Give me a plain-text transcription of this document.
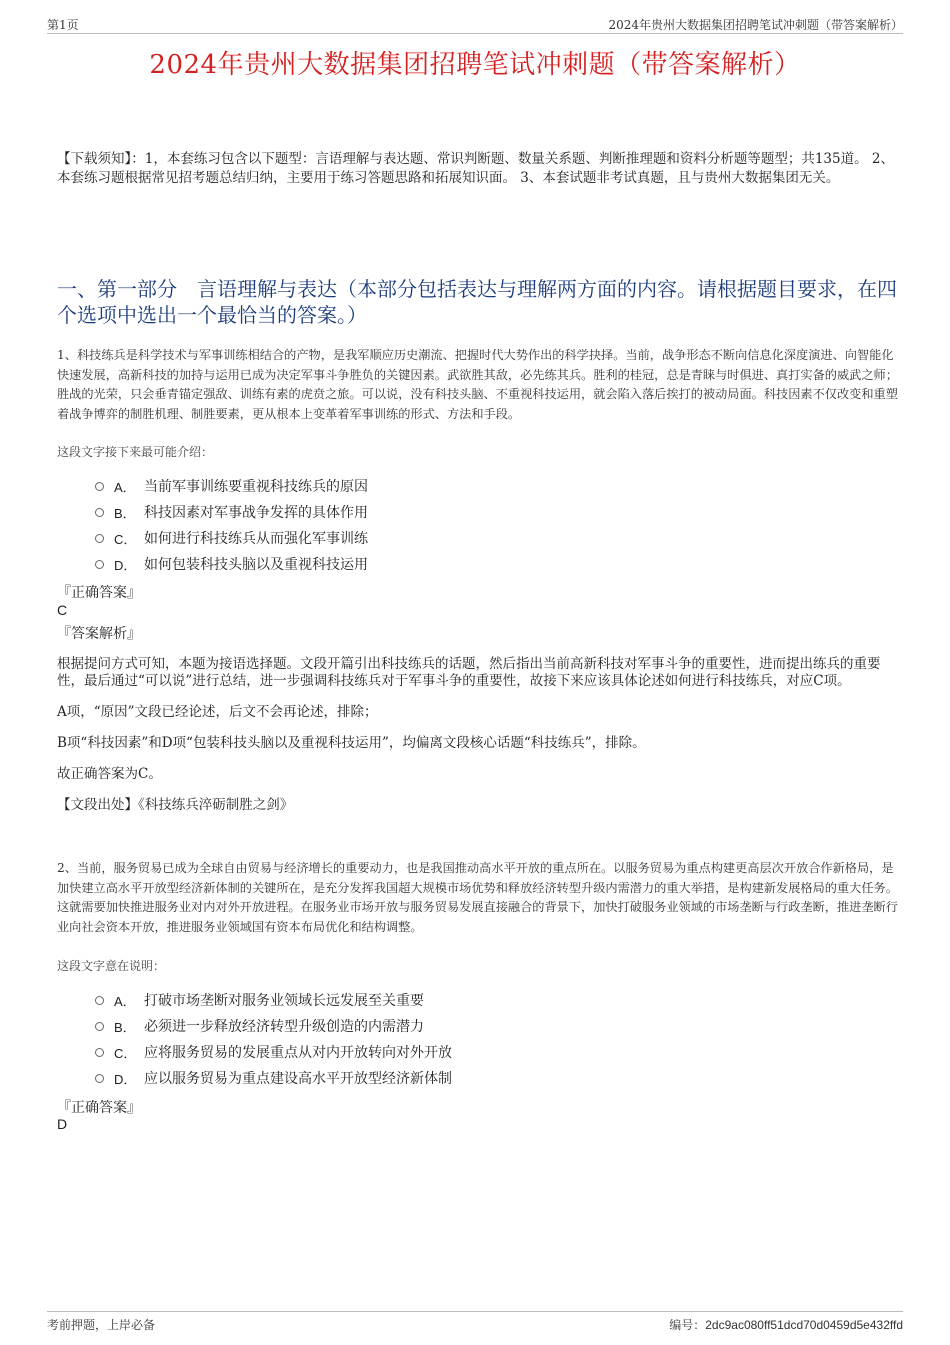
第1页	2024年贵州大数据集团招聘笔试冲刺题（带答案解析）
2024年贵州大数据集团招聘笔试冲刺题（带答案解析）
【下载须知】：1，本套练习包含以下题型：言语理解与表达题、常识判断题、数量关系题、判断推理题和资料分析题等题型；共135道。 2、本套练习题根据常见招考题总结归纳，主要用于练习答题思路和拓展知识面。 3、本套试题非考试真题，且与贵州大数据集团无关。
一、第一部分　言语理解与表达（本部分包括表达与理解两方面的内容。请根据题目要求，在四个选项中选出一个最恰当的答案。）
1、科技练兵是科学技术与军事训练相结合的产物，是我军顺应历史潮流、把握时代大势作出的科学抉择。当前，战争形态不断向信息化深度演进、向智能化快速发展，高新科技的加持与运用已成为决定军事斗争胜负的关键因素。武欲胜其敌，必先练其兵。胜利的桂冠，总是青睐与时俱进、真打实备的威武之师；胜战的光荣，只会垂青锚定强敌、训练有素的虎贲之旅。可以说，没有科技头脑、不重视科技运用，就会陷入落后挨打的被动局面。科技因素不仅改变和重塑着战争博弈的制胜机理、制胜要素，更从根本上变革着军事训练的形式、方法和手段。
这段文字接下来最可能介绍：
A． 当前军事训练要重视科技练兵的原因
B． 科技因素对军事战争发挥的具体作用
C． 如何进行科技练兵从而强化军事训练
D． 如何包装科技头脑以及重视科技运用
『正确答案』
C
『答案解析』

根据提问方式可知，本题为接语选择题。文段开篇引出科技练兵的话题，然后指出当前高新科技对军事斗争的重要性，进而提出练兵的重要性，最后通过“可以说”进行总结，进一步强调科技练兵对于军事斗争的重要性，故接下来应该具体论述如何进行科技练兵，对应C项。

A项，“原因”文段已经论述，后文不会再论述，排除；

B项“科技因素”和D项“包装科技头脑以及重视科技运用”，均偏离文段核心话题“科技练兵”，排除。

故正确答案为C。

【文段出处】《科技练兵淬砺制胜之剑》

2、当前，服务贸易已成为全球自由贸易与经济增长的重要动力，也是我国推动高水平开放的重点所在。以服务贸易为重点构建更高层次开放合作新格局，是加快建立高水平开放型经济新体制的关键所在，是充分发挥我国超大规模市场优势和释放经济转型升级内需潜力的重大举措，是构建新发展格局的重大任务。这就需要加快推进服务业对内对外开放进程。在服务业市场开放与服务贸易发展直接融合的背景下，加快打破服务业领域的市场垄断与行政垄断，推进垄断行业向社会资本开放，推进服务业领域国有资本布局优化和结构调整。
这段文字意在说明：
A． 打破市场垄断对服务业领域长远发展至关重要
B． 必须进一步释放经济转型升级创造的内需潜力
C． 应将服务贸易的发展重点从对内开放转向对外开放
D． 应以服务贸易为重点建设高水平开放型经济新体制
『正确答案』
D
考前押题，上岸必备	编号：2dc9ac080ff51dcd70d0459d5e432ffd
